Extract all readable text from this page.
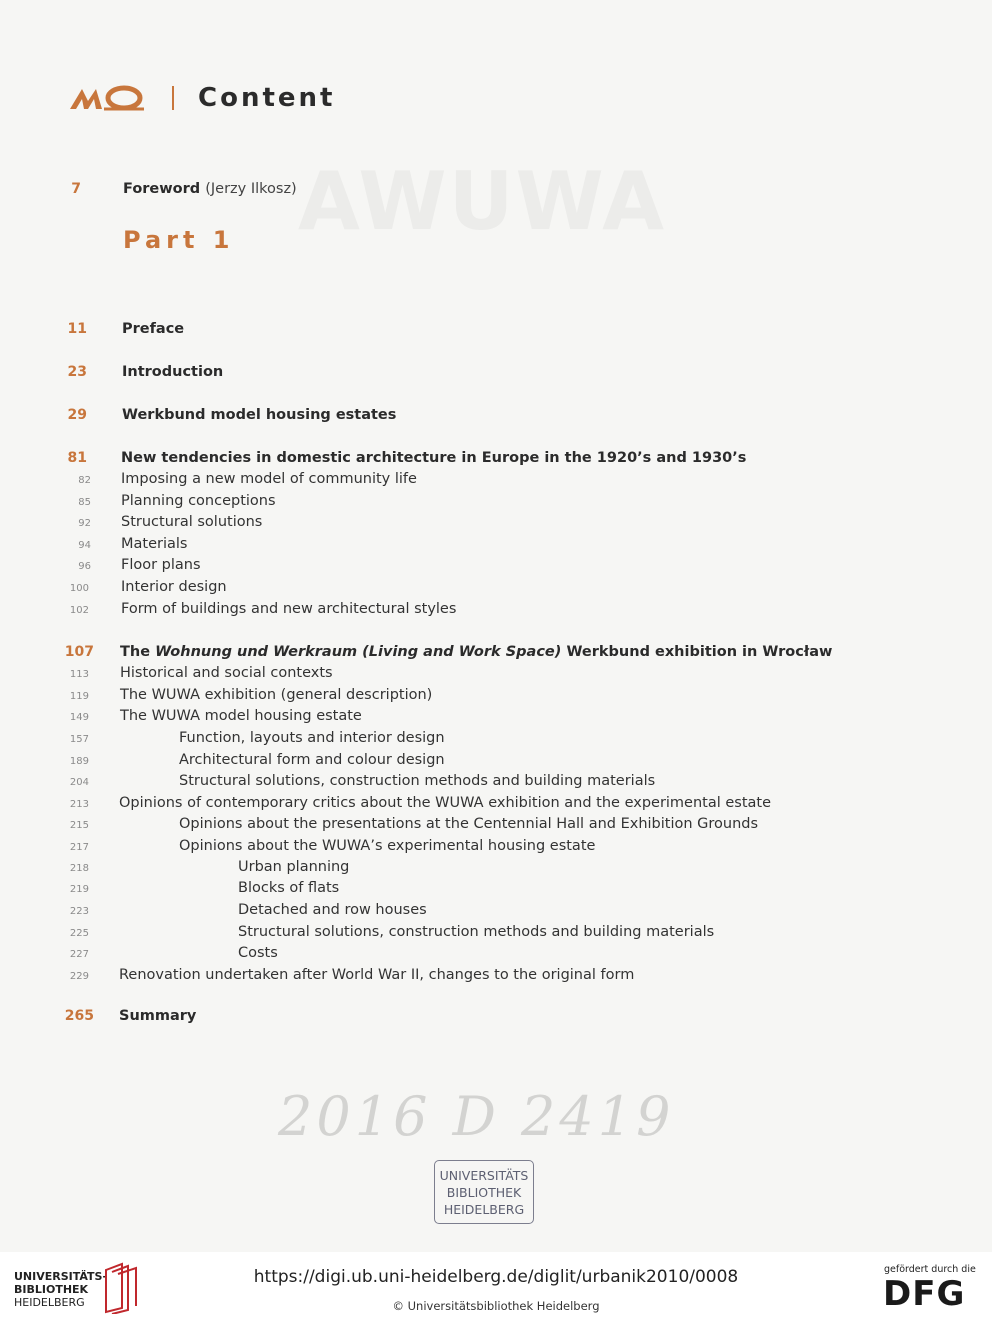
AWUWA
Content
7	Foreword (Jerzy Ilkosz)
Part 1
11 Preface
23 Introduction
29 Werkbund model housing estates
81 New tendencies in domestic architecture in Europe in the 1920’s and 1930’s
82 Imposing a new model of community life
85 Planning conceptions
92 Structural solutions
94 Materials
96 Floor plans
100 Interior design
102 Form of buildings and new architectural styles
107 The Wohnung und Werkraum (Living and Work Space) Werkbund exhibition in Wrocław
113 Historical and social contexts
119 The WUWA exhibition (general description)
149 The WUWA model housing estate
157	Function, layouts and interior design
189	Architectural form and colour design
204	Structural solutions, construction methods and building materials
213 Opinions of contemporary critics about the WUWA exhibition and the experimental estate
215	Opinions about the presentations at the Centennial Hall and Exhibition Grounds
217	Opinions about the WUWA’s experimental housing estate
218	Urban planning
219	Blocks of flats
223	Detached and row houses
225	Structural solutions, construction methods and building materials
227	Costs
229 Renovation undertaken after World War II, changes to the original form
265 Summary
2016 D 2419
UNIVERSITÄTS
BIBLIOTHEK
HEIDELBERG
UNIVERSITÄTS-
BIBLIOTHEK
HEIDELBERG
https://digi.ub.uni-heidelberg.de/diglit/urbanik2010/0008
© Universitätsbibliothek Heidelberg
gefördert durch die
DFG
